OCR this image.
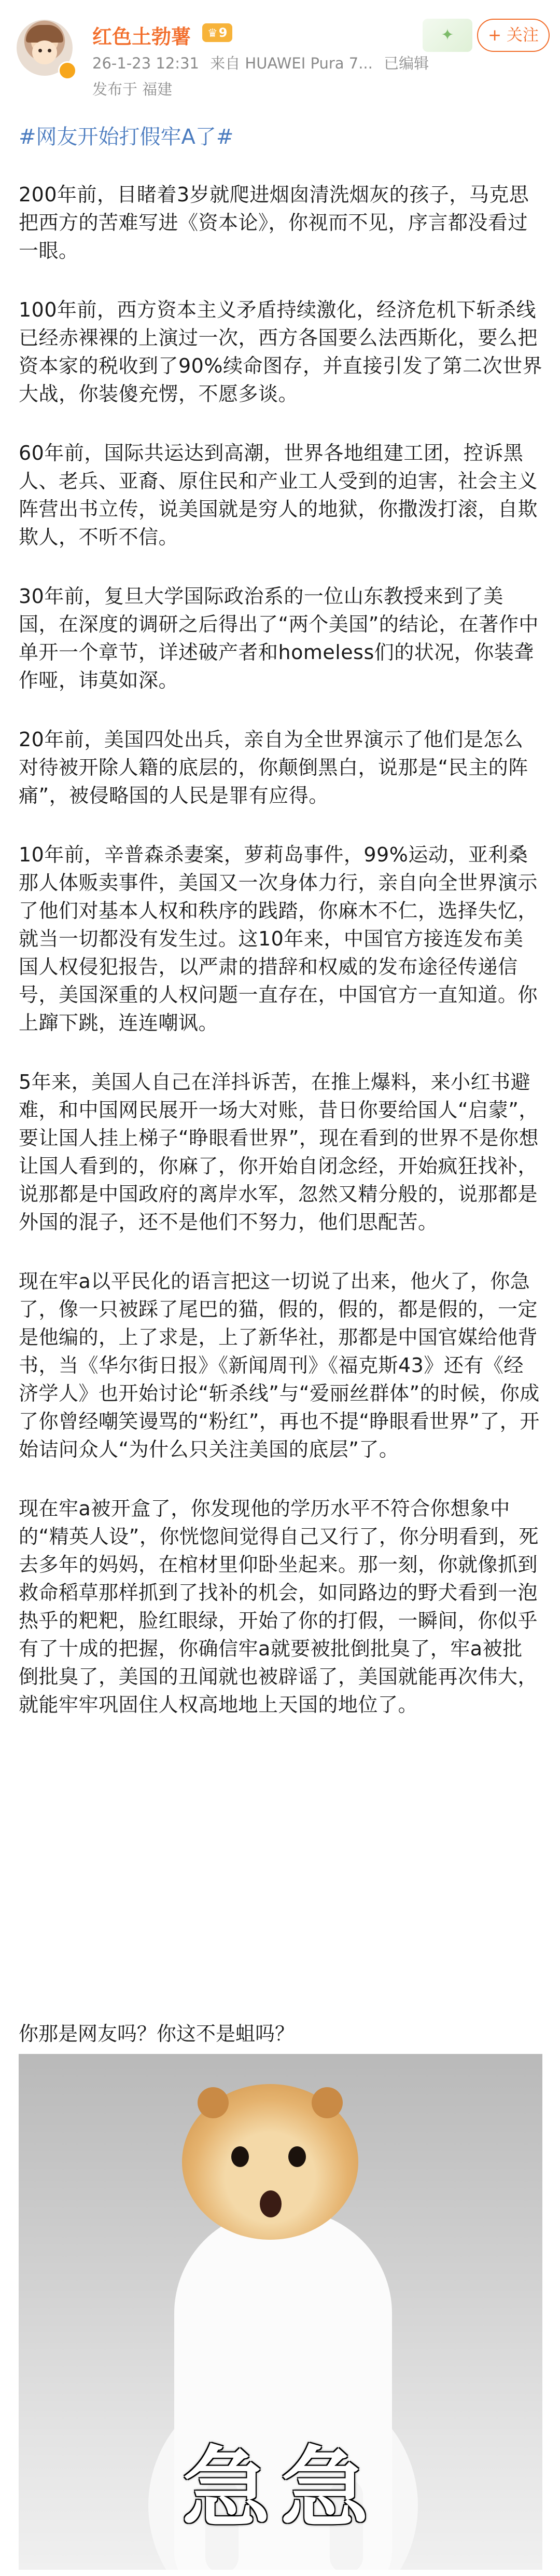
红色土勃薯	♛9
26-1-23 12:31 来自 HUAWEI Pura 7... 已编辑
发布于 福建
✦	+ 关注
#网友开始打假牢A了#

200年前，目睹着3岁就爬进烟囱清洗烟灰的孩子，马克思把西方的苦难写进《资本论》，你视而不见，序言都没看过一眼。

100年前，西方资本主义矛盾持续激化，经济危机下斩杀线已经赤裸裸的上演过一次，西方各国要么法西斯化，要么把资本家的税收到了90%续命图存，并直接引发了第二次世界大战，你装傻充愣，不愿多谈。

60年前，国际共运达到高潮，世界各地组建工团，控诉黑人、老兵、亚裔、原住民和产业工人受到的迫害，社会主义阵营出书立传，说美国就是穷人的地狱，你撒泼打滚，自欺欺人，不听不信。

30年前，复旦大学国际政治系的一位山东教授来到了美国，在深度的调研之后得出了“两个美国”的结论，在著作中单开一个章节，详述破产者和homeless们的状况，你装聋作哑，讳莫如深。

20年前，美国四处出兵，亲自为全世界演示了他们是怎么对待被开除人籍的底层的，你颠倒黑白，说那是“民主的阵痛”，被侵略国的人民是罪有应得。

10年前，辛普森杀妻案，萝莉岛事件，99%运动，亚利桑那人体贩卖事件，美国又一次身体力行，亲自向全世界演示了他们对基本人权和秩序的践踏，你麻木不仁，选择失忆，就当一切都没有发生过。这10年来，中国官方接连发布美国人权侵犯报告，以严肃的措辞和权威的发布途径传递信号，美国深重的人权问题一直存在，中国官方一直知道。你上蹿下跳，连连嘲讽。

5年来，美国人自己在洋抖诉苦，在推上爆料，来小红书避难，和中国网民展开一场大对账，昔日你要给国人“启蒙”，要让国人挂上梯子“睁眼看世界”，现在看到的世界不是你想让国人看到的，你麻了，你开始自闭念经，开始疯狂找补，说那都是中国政府的离岸水军，忽然又精分般的，说那都是外国的混子，还不是他们不努力，他们思配苦。

现在牢a以平民化的语言把这一切说了出来，他火了，你急了，像一只被踩了尾巴的猫，假的，假的，都是假的，一定是他编的，上了求是，上了新华社，那都是中国官媒给他背书，当《华尔街日报》《新闻周刊》《福克斯43》还有《经济学人》也开始讨论“斩杀线”与“爱丽丝群体”的时候，你成了你曾经嘲笑谩骂的“粉红”，再也不提“睁眼看世界”了，开始诘问众人“为什么只关注美国的底层”了。

现在牢a被开盒了，你发现他的学历水平不符合你想象中的“精英人设”，你恍惚间觉得自己又行了，你分明看到，死去多年的妈妈，在棺材里仰卧坐起来。那一刻，你就像抓到救命稻草那样抓到了找补的机会，如同路边的野犬看到一泡热乎的粑粑，脸红眼绿，开始了你的打假，一瞬间，你似乎有了十成的把握，你确信牢a就要被批倒批臭了，牢a被批倒批臭了，美国的丑闻就也被辟谣了，美国就能再次伟大，就能牢牢巩固住人权高地地上天国的地位了。

你那是网友吗？你这不是蛆吗？
急急
